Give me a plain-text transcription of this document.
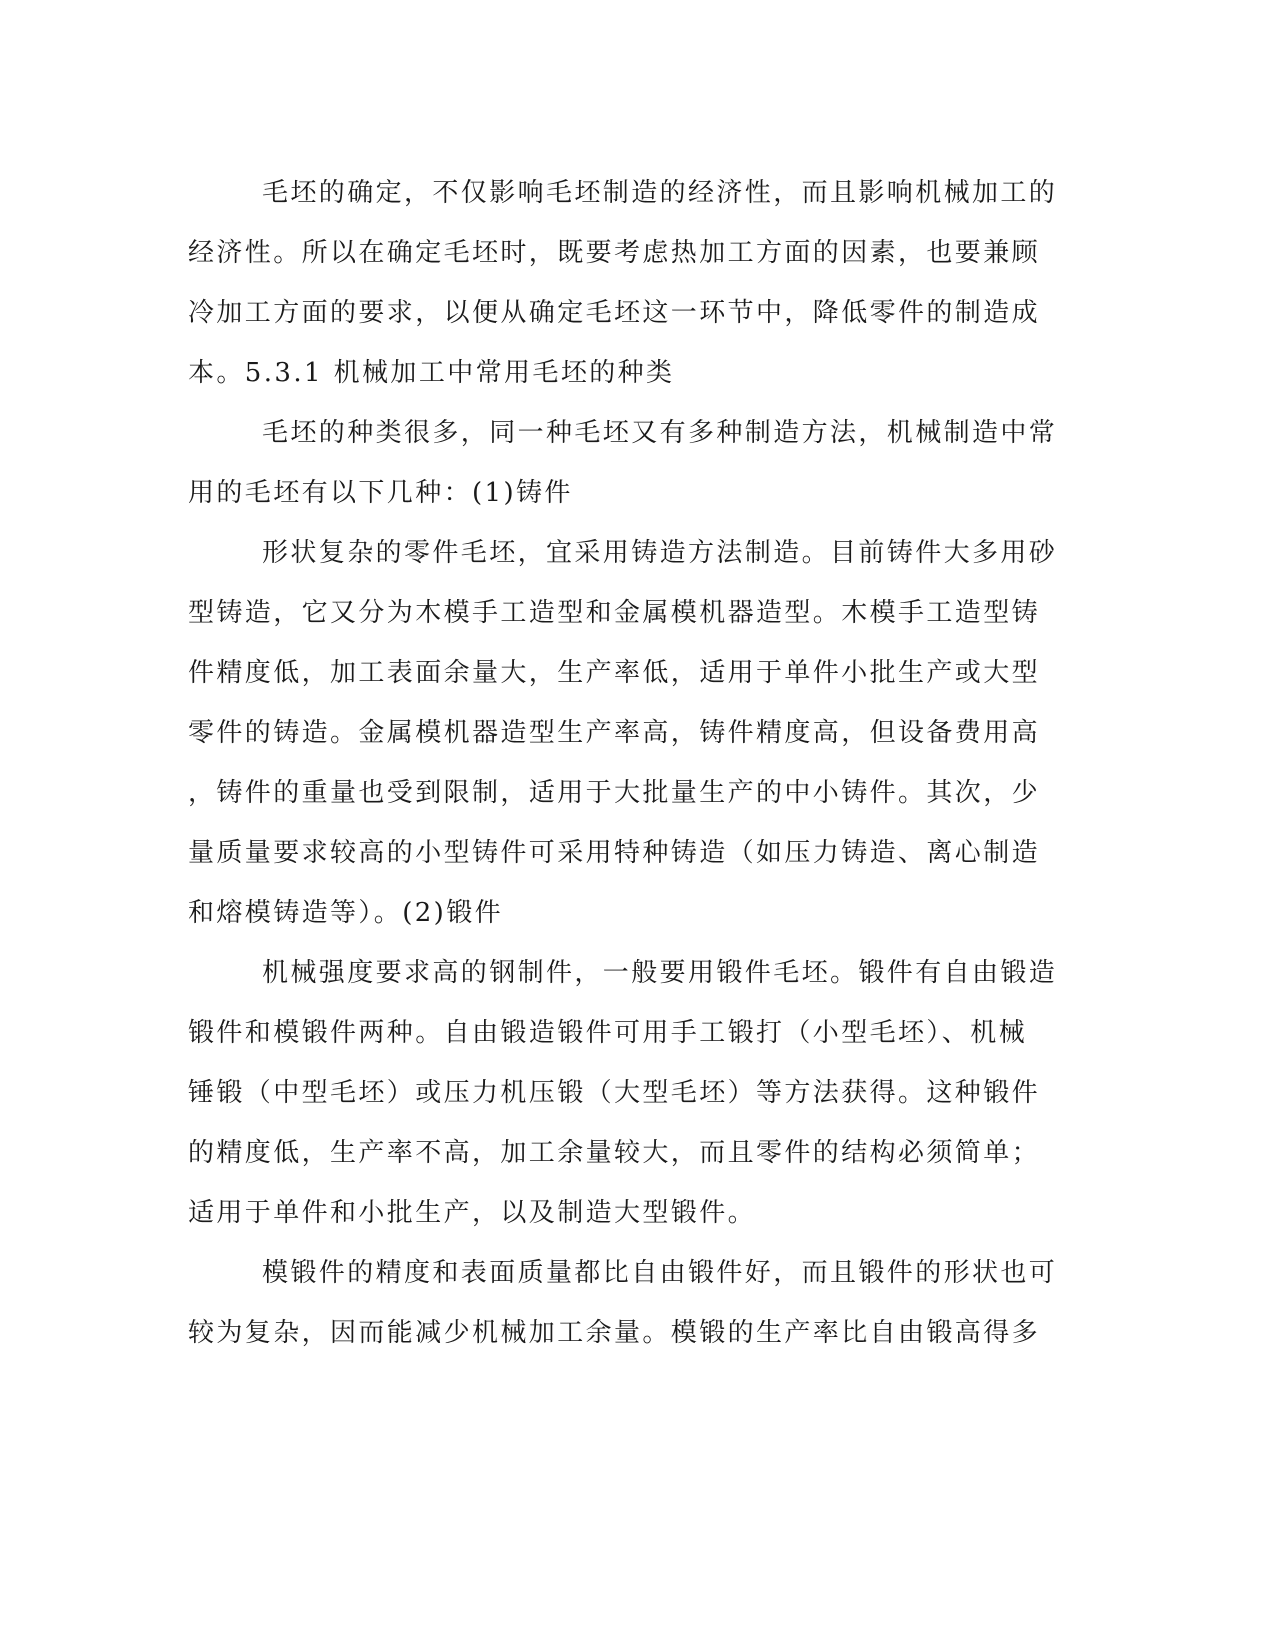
毛坯的确定，不仅影响毛坯制造的经济性，而且影响机械加工的
经济性。所以在确定毛坯时，既要考虑热加工方面的因素，也要兼顾
冷加工方面的要求，以便从确定毛坯这一环节中，降低零件的制造成
本。5.3.1 机械加工中常用毛坯的种类
毛坯的种类很多，同一种毛坯又有多种制造方法，机械制造中常
用的毛坯有以下几种：(1)铸件
形状复杂的零件毛坯，宜采用铸造方法制造。目前铸件大多用砂
型铸造，它又分为木模手工造型和金属模机器造型。木模手工造型铸
件精度低，加工表面余量大，生产率低，适用于单件小批生产或大型
零件的铸造。金属模机器造型生产率高，铸件精度高，但设备费用高
，铸件的重量也受到限制，适用于大批量生产的中小铸件。其次，少
量质量要求较高的小型铸件可采用特种铸造（如压力铸造、离心制造
和熔模铸造等）。(2)锻件
机械强度要求高的钢制件，一般要用锻件毛坯。锻件有自由锻造
锻件和模锻件两种。自由锻造锻件可用手工锻打（小型毛坯）、机械
锤锻（中型毛坯）或压力机压锻（大型毛坯）等方法获得。这种锻件
的精度低，生产率不高，加工余量较大，而且零件的结构必须简单；
适用于单件和小批生产，以及制造大型锻件。
模锻件的精度和表面质量都比自由锻件好，而且锻件的形状也可
较为复杂，因而能减少机械加工余量。模锻的生产率比自由锻高得多
